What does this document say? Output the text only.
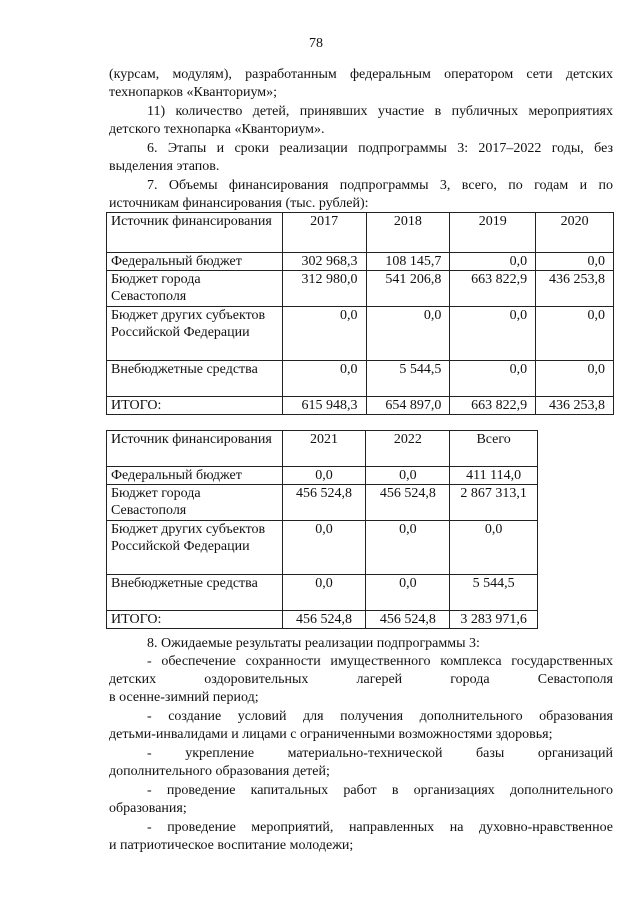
78
(курсам, модулям), разработанным федеральным оператором сети детских
технопарков «Кванториум»;
11) количество детей, принявших участие в публичных мероприятиях
детского технопарка «Кванториум».
6. Этапы и сроки реализации подпрограммы 3: 2017–2022 годы, без
выделения этапов.
7. Объемы финансирования подпрограммы 3, всего, по годам и по
источникам финансирования (тыс. рублей):
Источник финансирования	2017	2018	2019	2020
Федеральный бюджет	302 968,3	108 145,7	0,0	0,0
Бюджет города Севастополя	312 980,0	541 206,8	663 822,9	436 253,8
Бюджет других субъектов Российской Федерации	0,0	0,0	0,0	0,0
Внебюджетные средства	0,0	5 544,5	0,0	0,0
ИТОГО:	615 948,3	654 897,0	663 822,9	436 253,8
Источник финансирования	2021	2022	Всего
Федеральный бюджет	0,0	0,0	411 114,0
Бюджет города Севастополя	456 524,8	456 524,8	2 867 313,1
Бюджет других субъектов Российской Федерации	0,0	0,0	0,0
Внебюджетные средства	0,0	0,0	5 544,5
ИТОГО:	456 524,8	456 524,8	3 283 971,6
8. Ожидаемые результаты реализации подпрограммы 3:
- обеспечение сохранности имущественного комплекса государственных
детских оздоровительных лагерей города Севастополя
в осенне-зимний период;
- создание условий для получения дополнительного образования
детьми-инвалидами и лицами с ограниченными возможностями здоровья;
- укрепление материально-технической базы организаций
дополнительного образования детей;
- проведение капитальных работ в организациях дополнительного
образования;
- проведение мероприятий, направленных на духовно-нравственное
и патриотическое воспитание молодежи;
